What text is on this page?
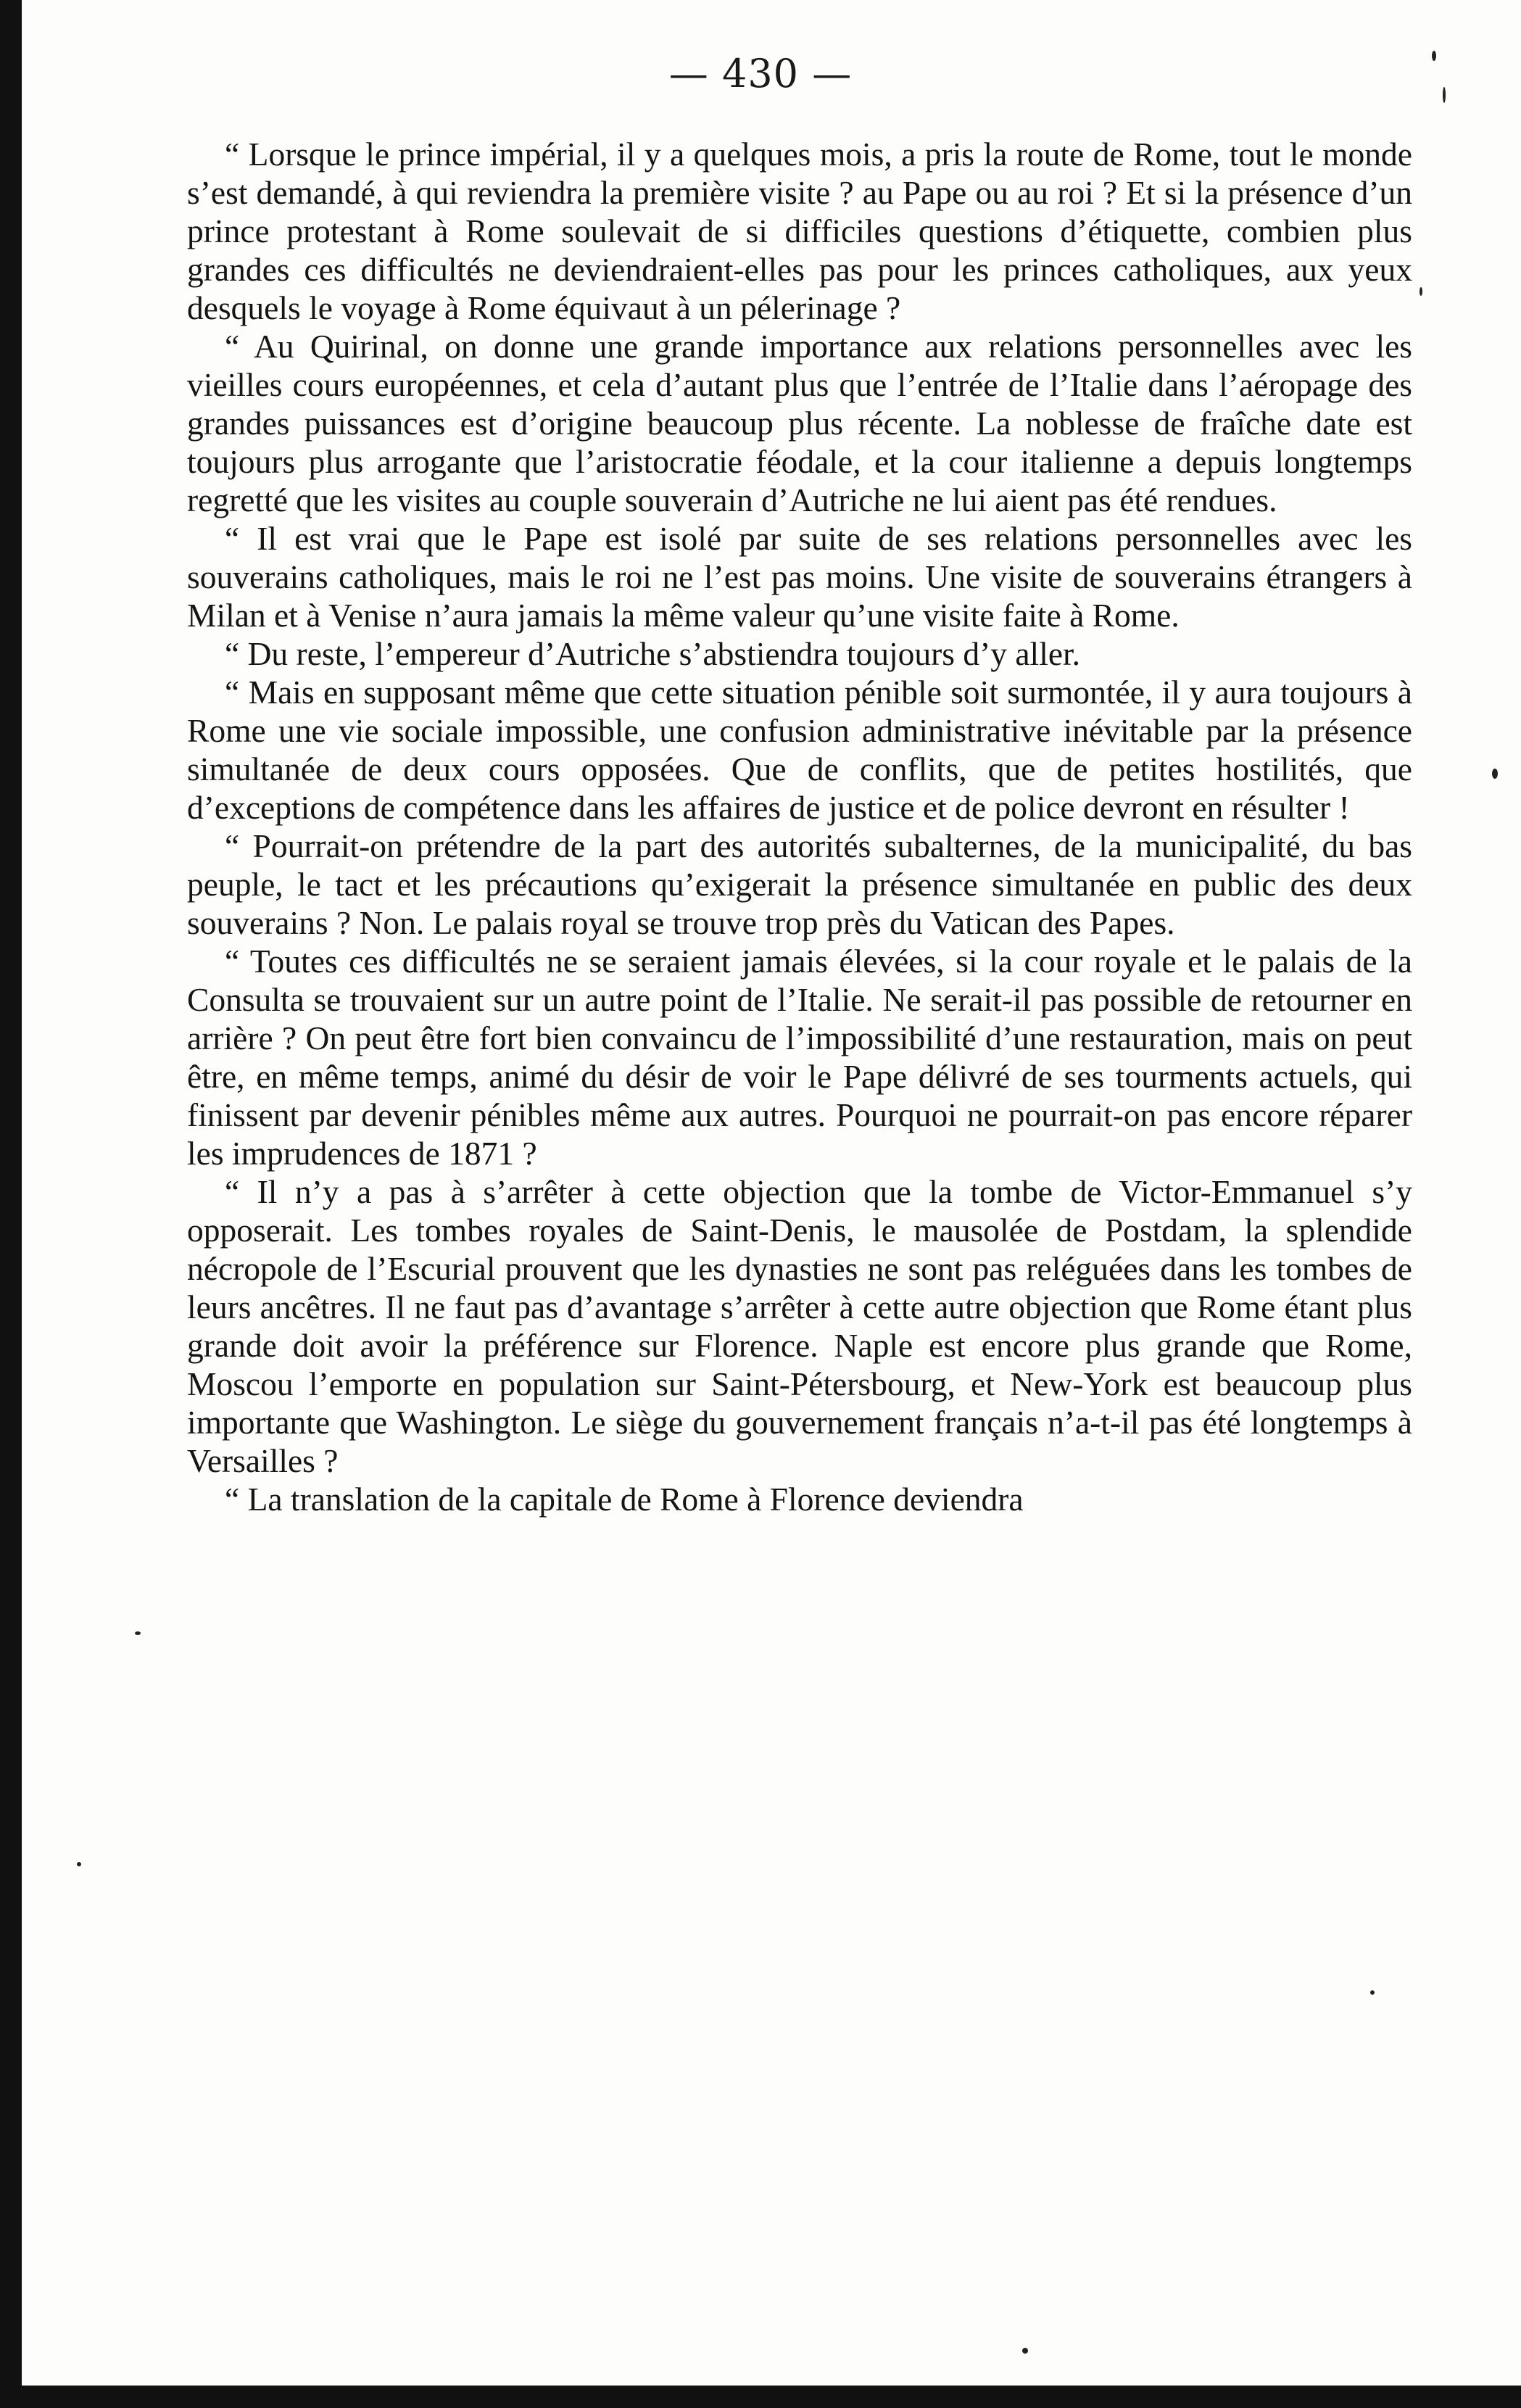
— 430 —

“ Lorsque le prince impérial, il y a quelques mois, a pris la route de Rome, tout le monde s’est demandé, à qui reviendra la première visite ? au Pape ou au roi ? Et si la présence d’un prince protestant à Rome soulevait de si difficiles questions d’étiquette, combien plus grandes ces difficultés ne deviendraient-elles pas pour les princes catholiques, aux yeux desquels le voyage à Rome équivaut à un pélerinage ?

“ Au Quirinal, on donne une grande importance aux relations personnelles avec les vieilles cours européennes, et cela d’autant plus que l’entrée de l’Italie dans l’aéropage des grandes puissances est d’origine beaucoup plus récente. La noblesse de fraîche date est toujours plus arrogante que l’aristocratie féodale, et la cour italienne a depuis longtemps regretté que les visites au couple souverain d’Autriche ne lui aient pas été rendues.

“ Il est vrai que le Pape est isolé par suite de ses relations personnelles avec les souverains catholiques, mais le roi ne l’est pas moins. Une visite de souverains étrangers à Milan et à Venise n’aura jamais la même valeur qu’une visite faite à Rome.

“ Du reste, l’empereur d’Autriche s’abstiendra toujours d’y aller.

“ Mais en supposant même que cette situation pénible soit surmontée, il y aura toujours à Rome une vie sociale impossible, une confusion administrative inévitable par la présence simultanée de deux cours opposées. Que de conflits, que de petites hostilités, que d’exceptions de compétence dans les affaires de justice et de police devront en résulter !

“ Pourrait-on prétendre de la part des autorités subalternes, de la municipalité, du bas peuple, le tact et les précautions qu’exigerait la présence simultanée en public des deux souverains ? Non. Le palais royal se trouve trop près du Vatican des Papes.

“ Toutes ces difficultés ne se seraient jamais élevées, si la cour royale et le palais de la Consulta se trouvaient sur un autre point de l’Italie. Ne serait-il pas possible de retourner en arrière ? On peut être fort bien convaincu de l’impossibilité d’une restauration, mais on peut être, en même temps, animé du désir de voir le Pape délivré de ses tourments actuels, qui finissent par devenir pénibles même aux autres. Pourquoi ne pourrait-on pas encore réparer les imprudences de 1871 ?

“ Il n’y a pas à s’arrêter à cette objection que la tombe de Victor-Emmanuel s’y opposerait. Les tombes royales de Saint-Denis, le mausolée de Postdam, la splendide nécropole de l’Escurial prouvent que les dynasties ne sont pas reléguées dans les tombes de leurs ancêtres. Il ne faut pas d’avantage s’arrêter à cette autre objection que Rome étant plus grande doit avoir la préférence sur Florence. Naple est encore plus grande que Rome, Moscou l’emporte en population sur Saint-Pétersbourg, et New-York est beaucoup plus importante que Washington. Le siège du gouvernement français n’a-t-il pas été longtemps à Versailles ?

“ La translation de la capitale de Rome à Florence deviendra
